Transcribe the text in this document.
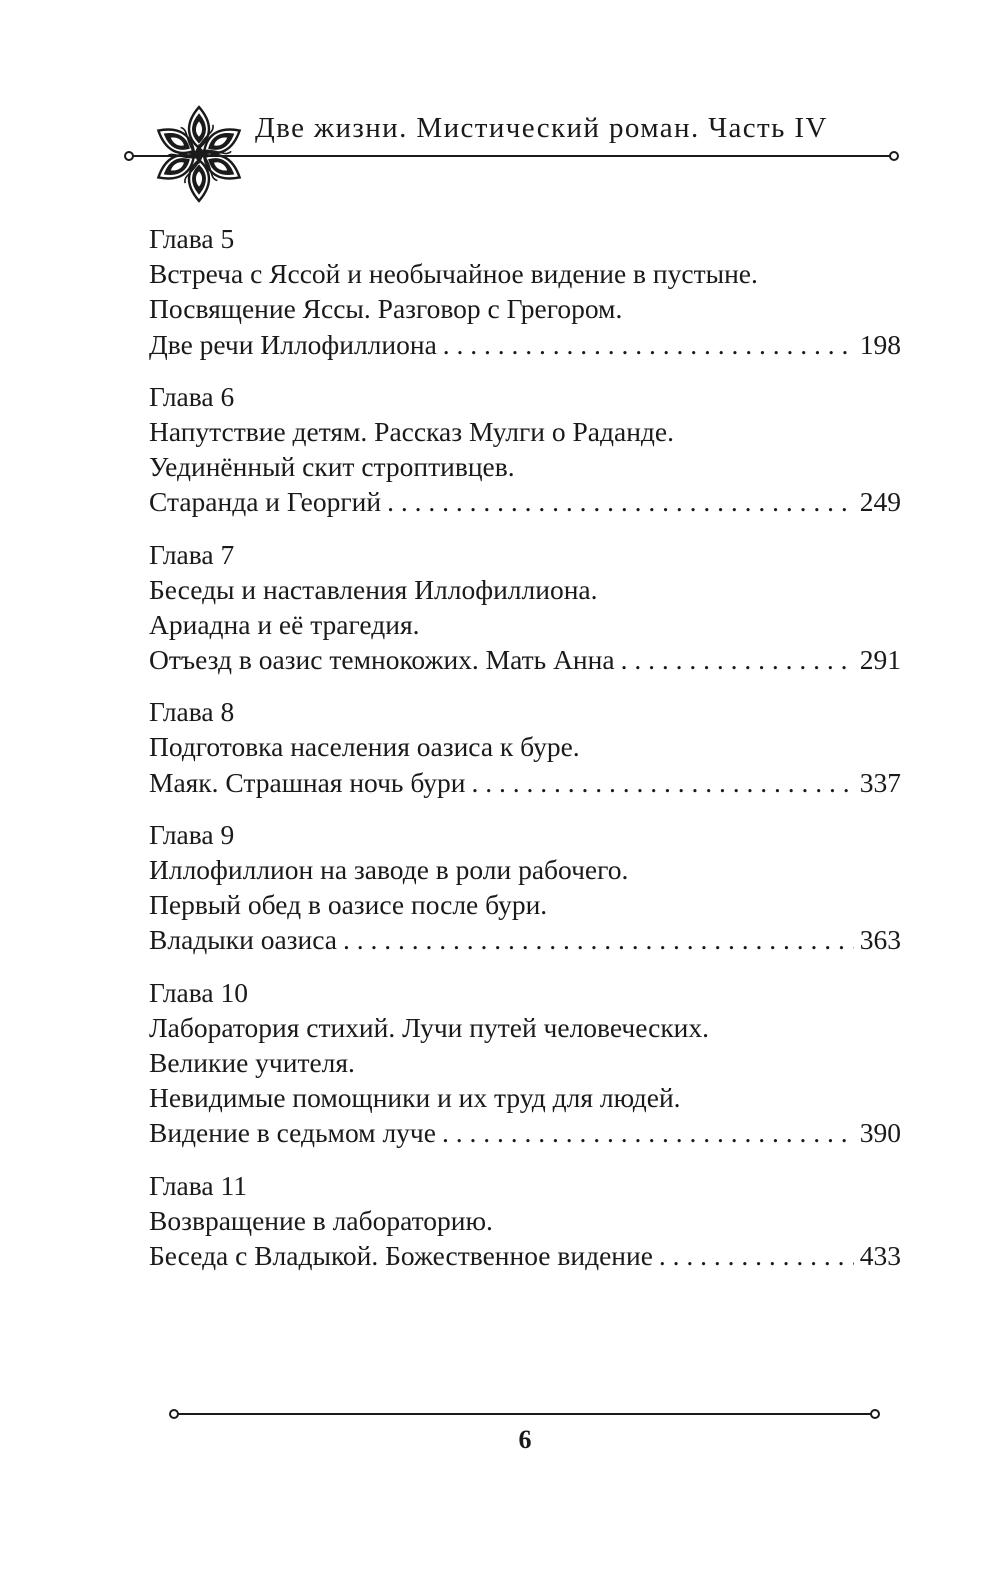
Две жизни. Мистический роман. Часть IV
Глава 5
Встреча с Яссой и необычайное видение в пустыне.
Посвящение Яссы. Разговор с Грегором.
Две речи Иллофиллиона . . .	198
Глава 6
Напутствие детям. Рассказ Мулги о Радандe.
Уединённый скит строптивцев.
Старанда и Георгий . . .	249
Глава 7
Беседы и наставления Иллофиллиона.
Ариадна и её трагедия.
Отъезд в оазис темнокожих. Мать Анна . . .	291
Глава 8
Подготовка населения оазиса к буре.
Маяк. Страшная ночь бури . . .	337
Глава 9
Иллофиллион на заводе в роли рабочего.
Первый обед в оазисе после бури.
Владыки оазиса . . .	363
Глава 10
Лаборатория стихий. Лучи путей человеческих.
Великие учителя.
Невидимые помощники и их труд для людей.
Видение в седьмом луче . . .	390
Глава 11
Возвращение в лабораторию.
Беседа с Владыкой. Божественное видение . . .	433
6
